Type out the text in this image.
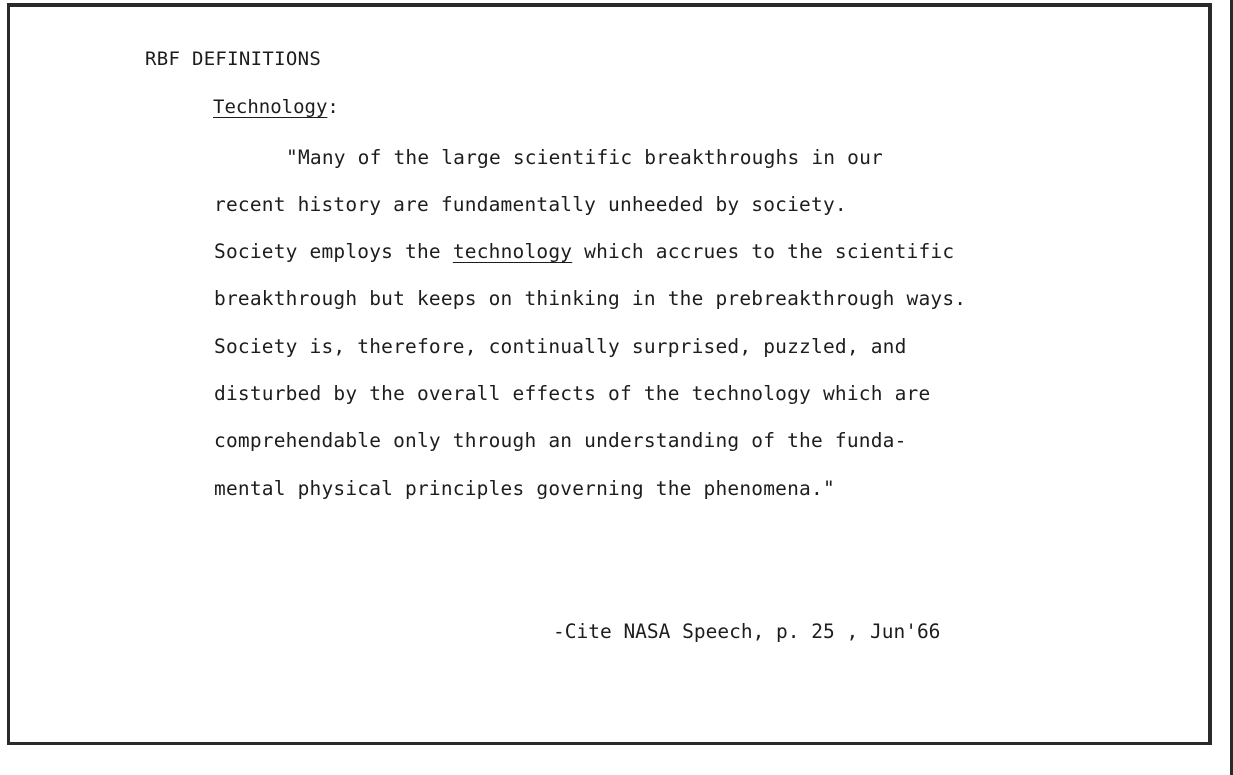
RBF DEFINITIONS
Technology:
"Many of the large scientific breakthroughs in our
recent history are fundamentally unheeded by society.
Society employs the technology which accrues to the scientific
breakthrough but keeps on thinking in the prebreakthrough ways.
Society is, therefore, continually surprised, puzzled, and
disturbed by the overall effects of the technology which are
comprehendable only through an understanding of the funda-
mental physical principles governing the phenomena."
-Cite NASA Speech, p. 25 , Jun'66
